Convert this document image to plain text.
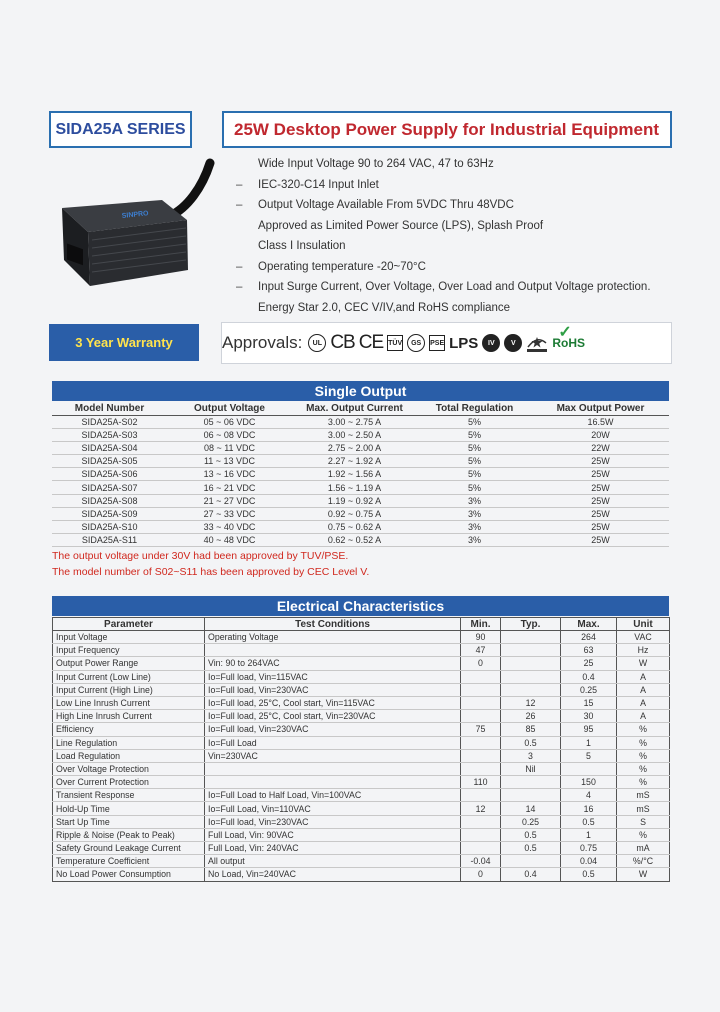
SIDA25A SERIES	25W Desktop Power Supply for Industrial Equipment
SINPRO
Wide Input Voltage 90 to 264 VAC, 47 to 63Hz
–	IEC-320-C14 Input Inlet
–	Output Voltage Available From 5VDC Thru 48VDC
Approved as Limited Power Source (LPS), Splash Proof
Class I Insulation
–	Operating temperature -20~70°C
–	Input Surge Current, Over Voltage, Over Load and Output Voltage protection.
Energy Star 2.0, CEC V/IV,and RoHS compliance
3 Year Warranty	Approvals:	UL CB CE TÜV	GS	PSE LPS	IV	V
✓
RoHS
Single Output
Model Number	Output Voltage	Max. Output Current	Total Regulation	Max Output Power
SIDA25A-S02	05 ~ 06 VDC	3.00 ~ 2.75 A	5%	16.5W
SIDA25A-S03	06 ~ 08 VDC	3.00 ~ 2.50 A	5%	20W
SIDA25A-S04	08 ~ 11 VDC	2.75 ~ 2.00 A	5%	22W
SIDA25A-S05	11 ~ 13 VDC	2.27 ~ 1.92 A	5%	25W
SIDA25A-S06	13 ~ 16 VDC	1.92 ~ 1.56 A	5%	25W
SIDA25A-S07	16 ~ 21 VDC	1.56 ~ 1.19 A	5%	25W
SIDA25A-S08	21 ~ 27 VDC	1.19 ~ 0.92 A	3%	25W
SIDA25A-S09	27 ~ 33 VDC	0.92 ~ 0.75 A	3%	25W
SIDA25A-S10	33 ~ 40 VDC	0.75 ~ 0.62 A	3%	25W
SIDA25A-S11	40 ~ 48 VDC	0.62 ~ 0.52 A	3%	25W
The output voltage under 30V had been approved by TUV/PSE.
The model number of S02~S11 has been approved by CEC Level V.
Electrical Characteristics
Parameter	Test Conditions	Min.	Typ.	Max.	Unit
Input Voltage	Operating Voltage	90		264	VAC
Input Frequency		47		63	Hz
Output Power Range	Vin: 90 to 264VAC	0		25	W
Input Current (Low Line)	Io=Full load, Vin=115VAC			0.4	A
Input Current (High Line)	Io=Full load, Vin=230VAC			0.25	A
Low Line Inrush Current	Io=Full load, 25°C, Cool start, Vin=115VAC		12	15	A
High Line Inrush Current	Io=Full load, 25°C, Cool start, Vin=230VAC		26	30	A
Efficiency	Io=Full load, Vin=230VAC	75	85	95	%
Line Regulation	Io=Full Load		0.5	1	%
Load Regulation	Vin=230VAC		3	5	%
Over Voltage Protection			Nil		%
Over Current Protection		110		150	%
Transient Response	Io=Full Load to Half Load, Vin=100VAC			4	mS
Hold-Up Time	Io=Full Load, Vin=110VAC	12	14	16	mS
Start Up Time	Io=Full load, Vin=230VAC		0.25	0.5	S
Ripple & Noise (Peak to Peak)	Full Load, Vin: 90VAC		0.5	1	%
Safety Ground Leakage Current	Full Load, Vin: 240VAC		0.5	0.75	mA
Temperature Coefficient	All output	-0.04		0.04	%/°C
No Load Power Consumption	No Load, Vin=240VAC	0	0.4	0.5	W
